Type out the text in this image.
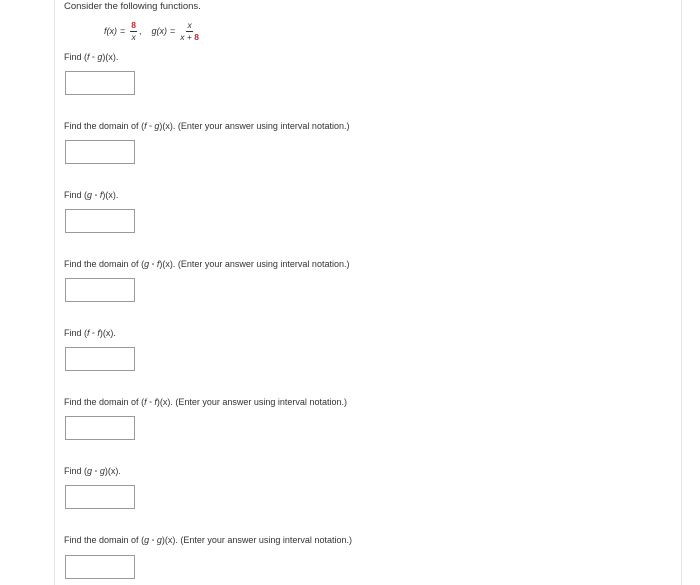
Consider the following functions.
$f(x) = \frac{8}{x}$ , $g(x) = \frac{x}{x + 8}$
Find (f ∘ g)(x).
Find the domain of (f ∘ g)(x). (Enter your answer using interval notation.)
Find (g ∘ f)(x).
Find the domain of (g ∘ f)(x). (Enter your answer using interval notation.)
Find (f ∘ f)(x).
Find the domain of (f ∘ f)(x). (Enter your answer using interval notation.)
Find (g ∘ g)(x).
Find the domain of (g ∘ g)(x). (Enter your answer using interval notation.)
